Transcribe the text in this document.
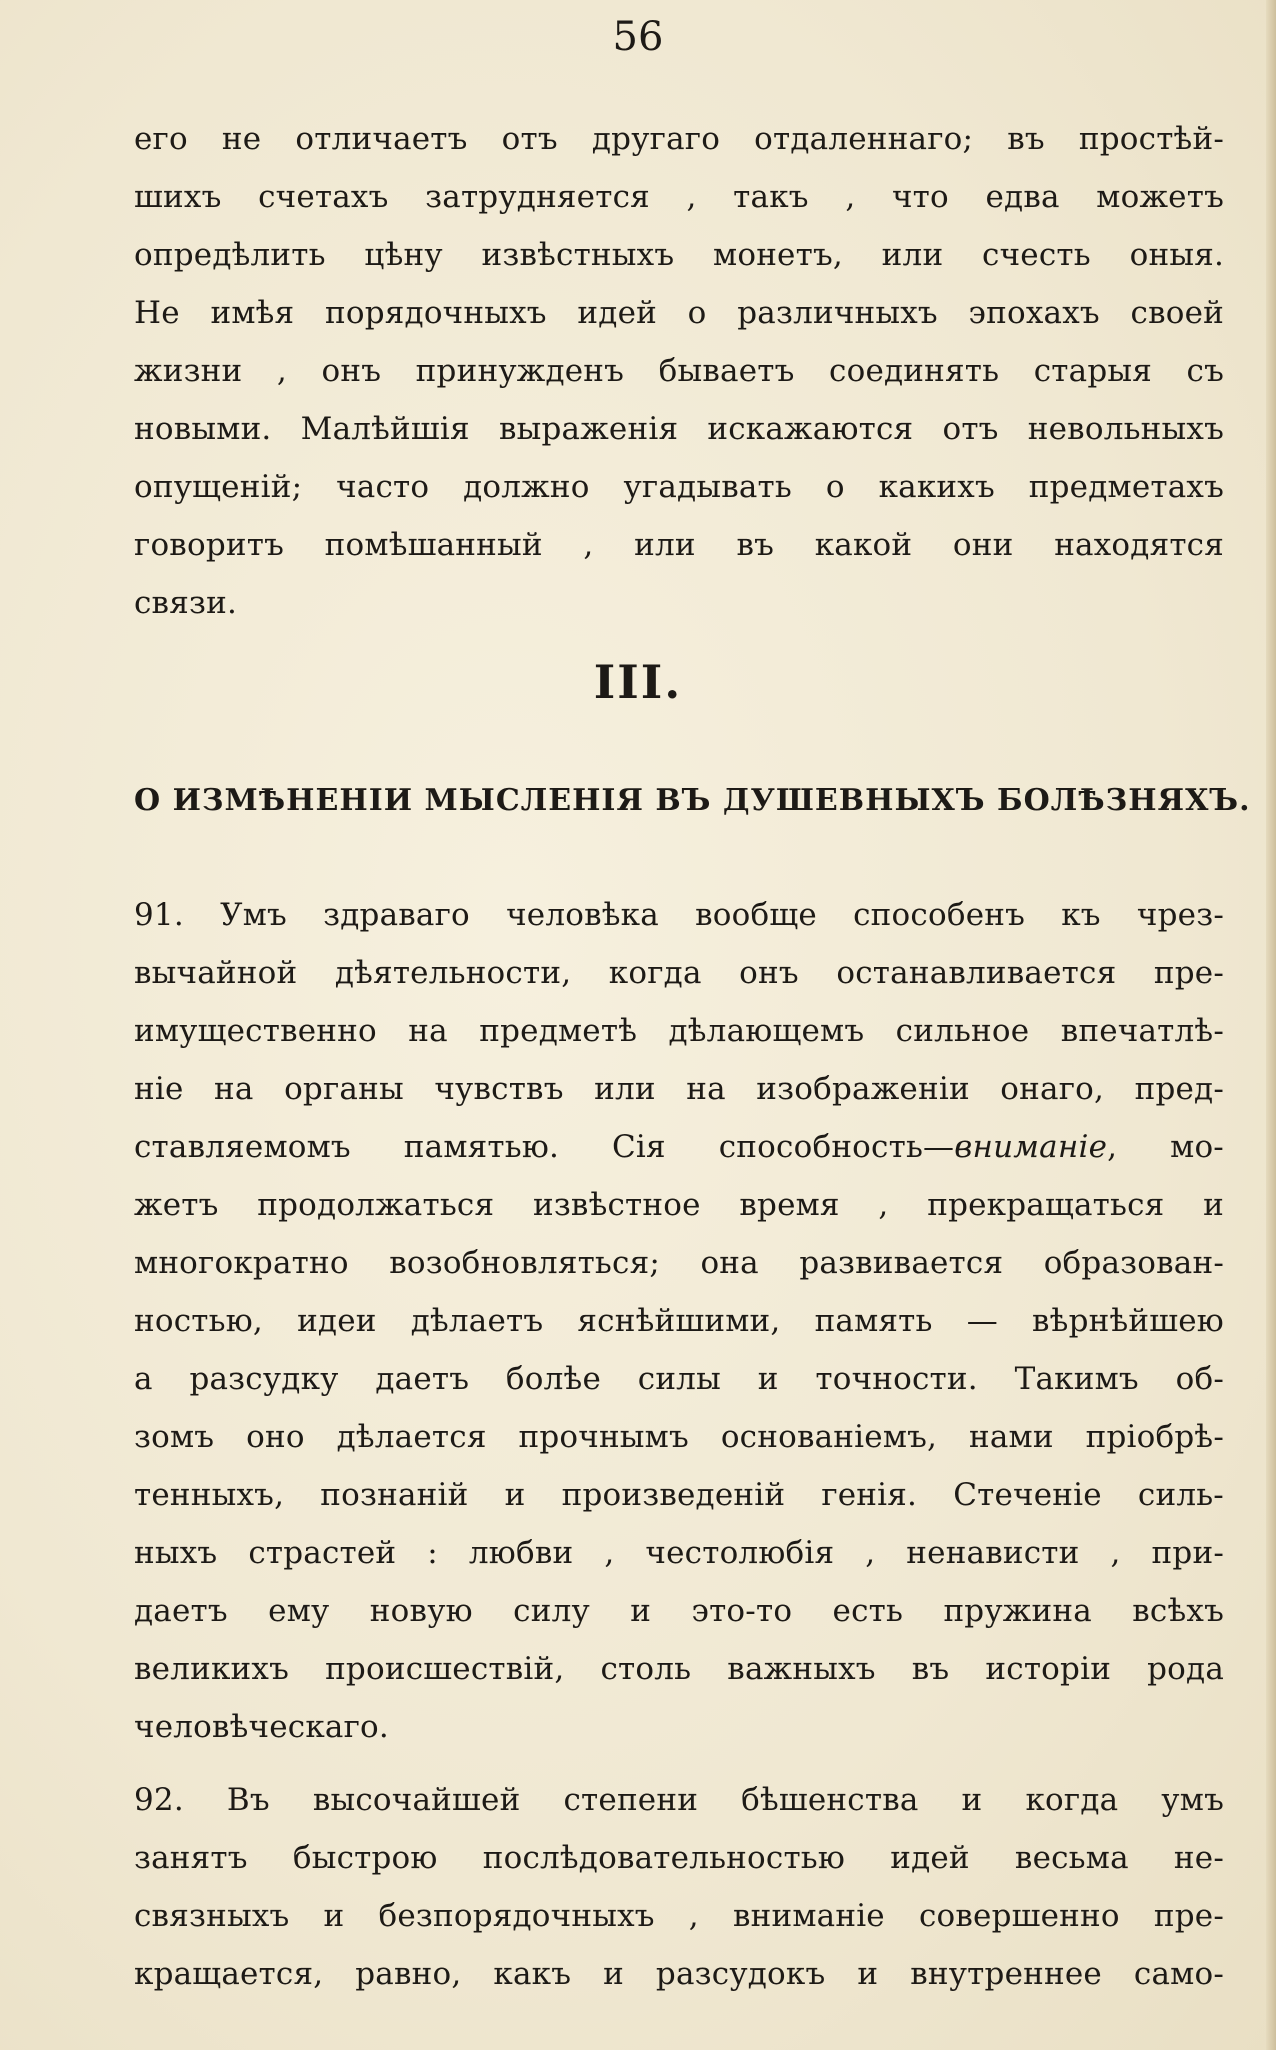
56
его не отличаетъ отъ другаго отдаленнаго; въ простѣй-
шихъ счетахъ затрудняется , такъ , что едва можетъ
опредѣлить цѣну извѣстныхъ монетъ, или счесть оныя.
Не имѣя порядочныхъ идей о различныхъ эпохахъ своей
жизни , онъ принужденъ бываетъ соединять старыя съ
новыми. Малѣйшія выраженія искажаются отъ невольныхъ
опущеній; часто должно угадывать о какихъ предметахъ
говоритъ помѣшанный , или въ какой они находятся
связи.
III.
О ИЗМѢНЕНІИ МЫСЛЕНІЯ ВЪ ДУШЕВНЫХЪ БОЛѢЗНЯХЪ.
91. Умъ здраваго человѣка вообще способенъ къ чрез-
вычайной дѣятельности, когда онъ останавливается пре-
имущественно на предметѣ дѣлающемъ сильное впечатлѣ-
ніе на органы чувствъ или на изображеніи онаго, пред-
ставляемомъ памятью. Сія способность—вниманіе, мо-
жетъ продолжаться извѣстное время , прекращаться и
многократно возобновляться; она развивается образован-
ностью, идеи дѣлаетъ яснѣйшими, память — вѣрнѣйшею
а разсудку даетъ болѣе силы и точности. Такимъ об-
зомъ оно дѣлается прочнымъ основаніемъ, нами пріобрѣ-
тенныхъ, познаній и произведеній генія. Стеченіе силь-
ныхъ страстей : любви , честолюбія , ненависти , при-
даетъ ему новую силу и это-то есть пружина всѣхъ
великихъ происшествій, столь важныхъ въ исторіи рода
человѣческаго.
92. Въ высочайшей степени бѣшенства и когда умъ
занятъ быстрою послѣдовательностью идей весьма не-
связныхъ и безпорядочныхъ , вниманіе совершенно пре-
кращается, равно, какъ и разсудокъ и внутреннее само-
